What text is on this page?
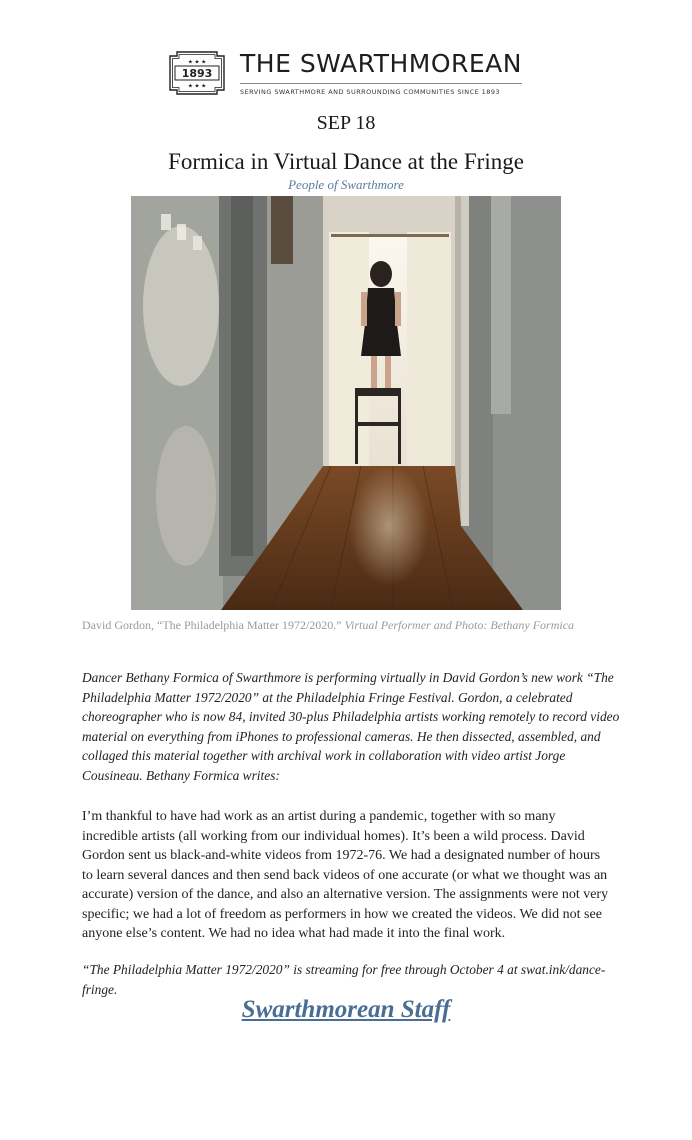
★ ★ ★
1893
★ ★ ★
THE SWARTHMOREAN
SERVING SWARTHMORE AND SURROUNDING COMMUNITIES SINCE 1893
SEP 18
Formica in Virtual Dance at the Fringe
People of Swarthmore
David Gordon, “The Philadelphia Matter 1972/2020.” Virtual Performer and Photo: Bethany Formica

Dancer Bethany Formica of Swarthmore is performing virtually in David Gordon’s new work “The Philadelphia Matter 1972/2020” at the Philadelphia Fringe Festival. Gordon, a celebrated choreographer who is now 84, invited 30-plus Philadelphia artists working remotely to record video material on everything from iPhones to professional cameras. He then dissected, assembled, and collaged this material together with archival work in collaboration with video artist Jorge Cousineau. Bethany Formica writes:

I’m thankful to have had work as an artist during a pandemic, together with so many incredible artists (all working from our individual homes). It’s been a wild process. David Gordon sent us black-and-white videos from 1972-76. We had a designated number of hours to learn several dances and then send back videos of one accurate (or what we thought was an accurate) version of the dance, and also an alternative version. The assignments were not very specific; we had a lot of freedom as performers in how we created the videos. We did not see anyone else’s content. We had no idea what had made it into the final work.

“The Philadelphia Matter 1972/2020” is streaming for free through October 4 at swat.ink/dance-fringe.

Swarthmorean Staff
